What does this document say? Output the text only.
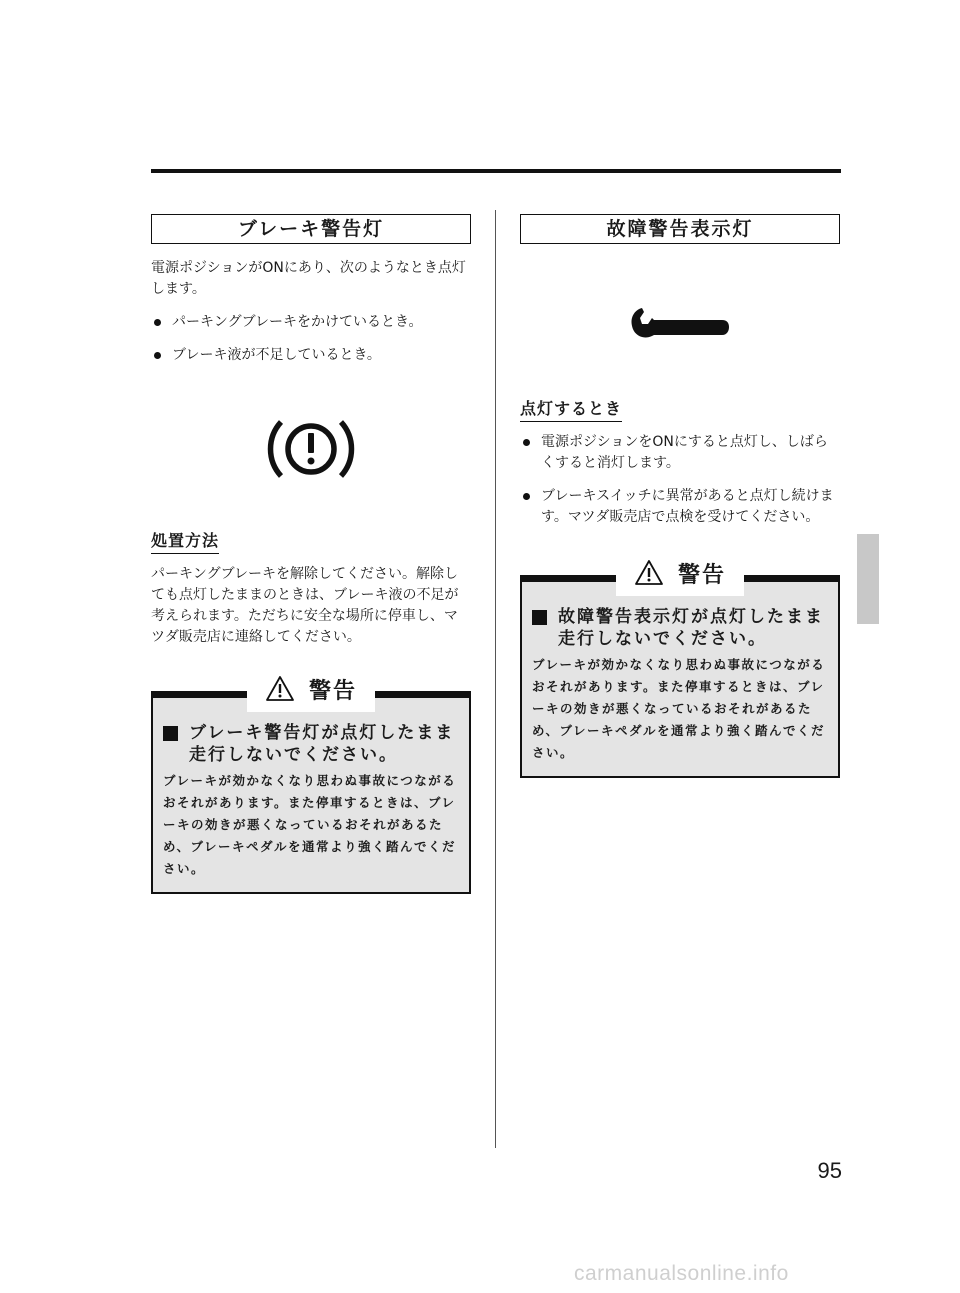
ブレーキ警告灯

電源ポジションがONにあり、次のようなとき点灯します。

パーキングブレーキをかけているとき。
ブレーキ液が不足しているとき。
処置方法

パーキングブレーキを解除してください。解除しても点灯したままのときは、ブレーキ液の不足が考えられます。ただちに安全な場所に停車し、マツダ販売店に連絡してください。

警告
ブレーキ警告灯が点灯したまま走行しないでください。
ブレーキが効かなくなり思わぬ事故につながるおそれがあります。また停車するときは、ブレーキの効きが悪くなっているおそれがあるため、ブレーキペダルを通常より強く踏んでください。
故障警告表示灯
点灯するとき
電源ポジションをONにすると点灯し、しばらくすると消灯します。
ブレーキスイッチに異常があると点灯し続けます。マツダ販売店で点検を受けてください。
警告
故障警告表示灯が点灯したまま走行しないでください。
ブレーキが効かなくなり思わぬ事故につながるおそれがあります。また停車するときは、ブレーキの効きが悪くなっているおそれがあるため、ブレーキペダルを通常より強く踏んでください。
95
carmanualsonline.info
